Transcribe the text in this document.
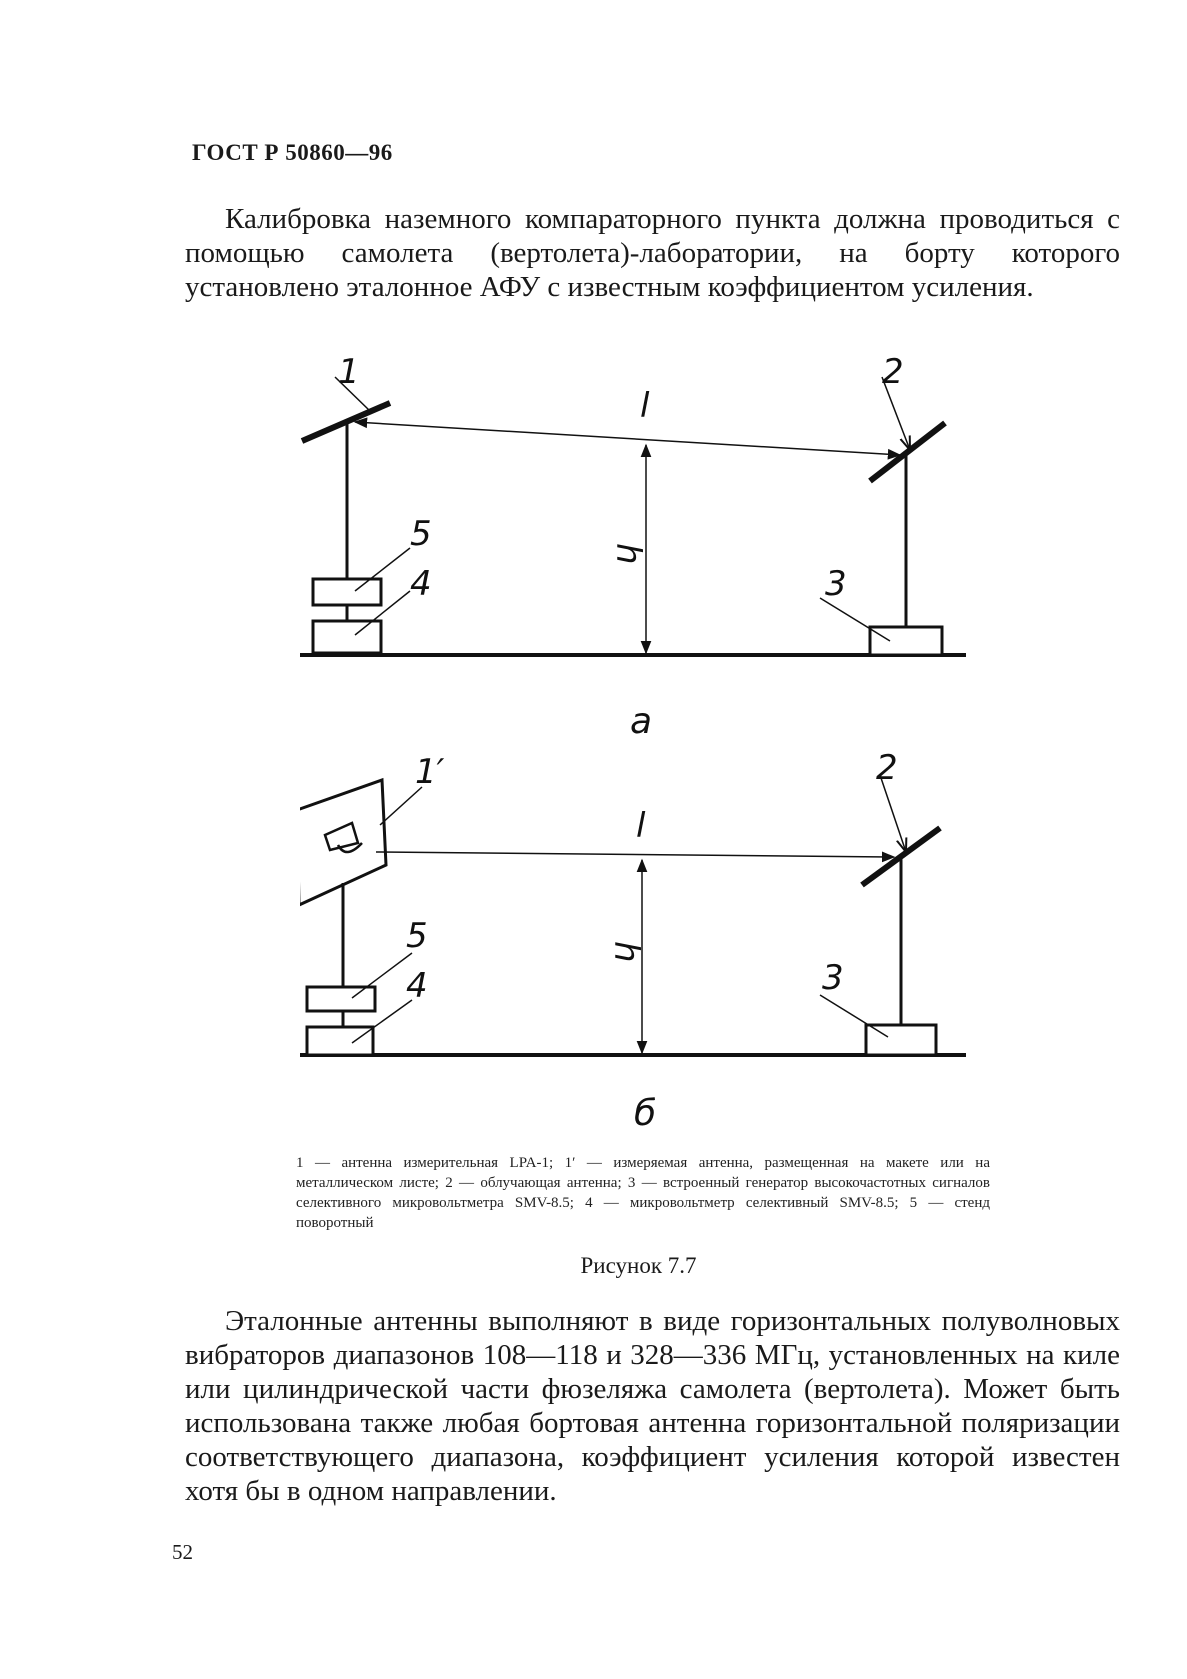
ГОСТ Р 50860—96

Калибровка наземного компараторного пункта должна проводиться с помощью самолета (вертолета)-лаборатории, на борту которого установлено эталонное АФУ с известным коэффициентом усиления.

1	2
3
4
5
l
h
а
1′	2
3
4
5
l
h
б
1 — антенна измерительная LPA-1; 1′ — измеряемая антенна, размещенная на макете или на металлическом листе; 2 — облучающая антенна; 3 — встроенный генератор высокочастотных сигналов селективного микровольтметра SMV-8.5; 4 — микровольтметр селективный SMV-8.5; 5 — стенд поворотный
Рисунок 7.7

Эталонные антенны выполняют в виде горизонтальных полуволновых вибраторов диапазонов 108—118 и 328—336 МГц, установленных на киле или цилиндрической части фюзеляжа самолета (вертолета). Может быть использована также любая бортовая антенна горизонтальной поляризации соответствующего диапазона, коэффициент усиления которой известен хотя бы в одном направлении.

52
